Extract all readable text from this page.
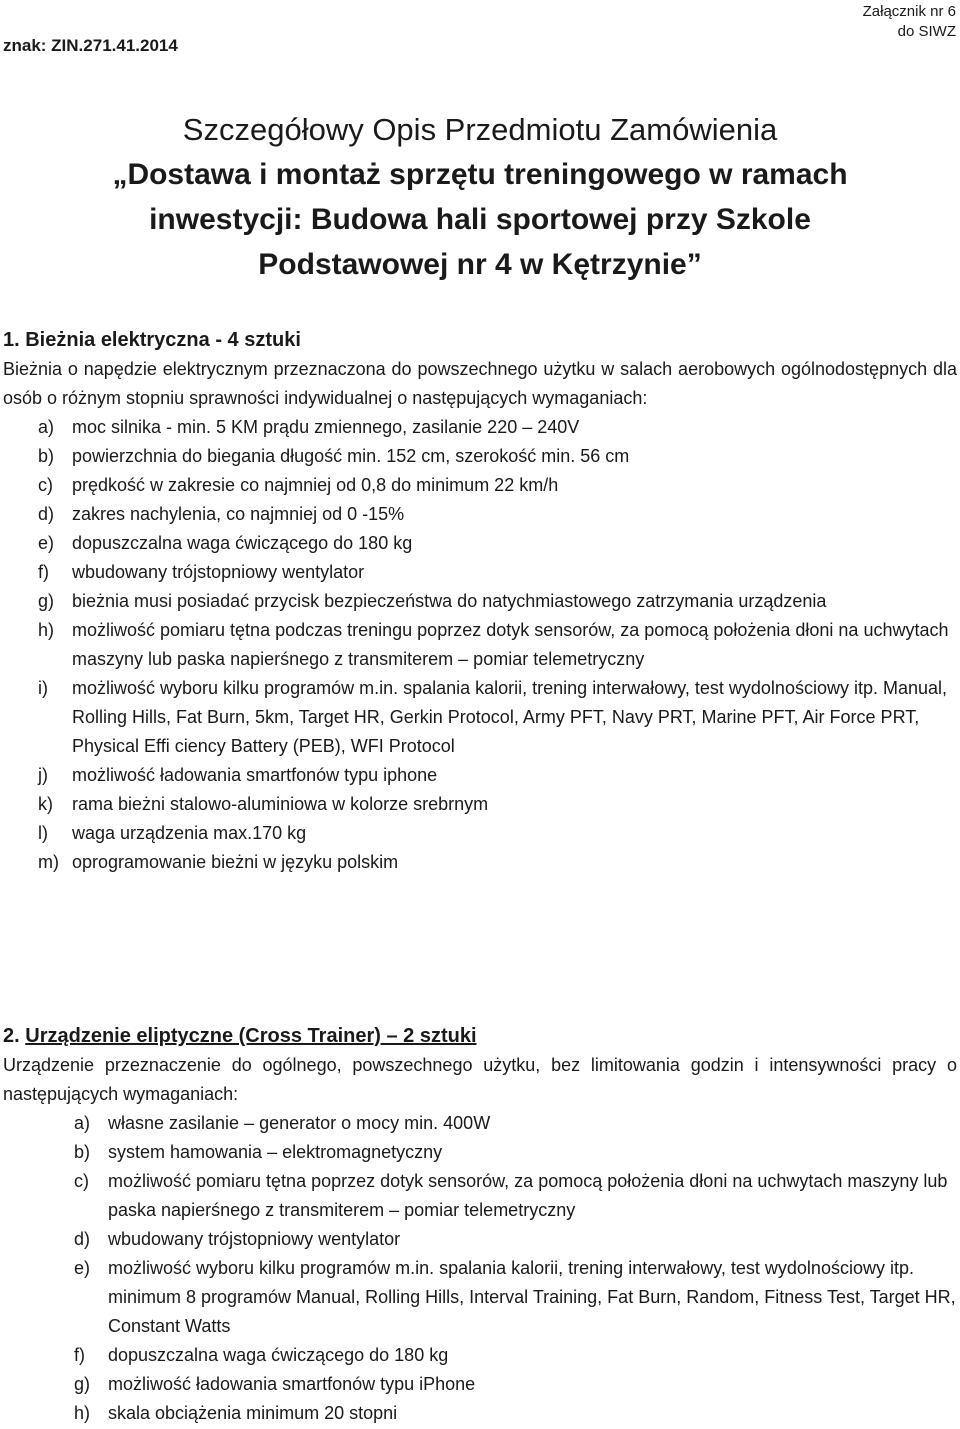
znak: ZIN.271.41.2014
Załącznik nr 6
do SIWZ
Szczegółowy Opis Przedmiotu Zamówienia
„Dostawa i montaż sprzętu treningowego w ramach
inwestycji: Budowa hali sportowej przy Szkole
Podstawowej nr 4 w Kętrzynie”
1. Bieżnia elektryczna - 4 sztuki

Bieżnia o napędzie elektrycznym przeznaczona do powszechnego użytku w salach aerobowych ogólnodostępnych dla osób o różnym stopniu sprawności indywidualnej o następujących wymaganiach:

a) moc silnika - min. 5 KM prądu zmiennego, zasilanie 220 – 240V
b) powierzchnia do biegania długość min. 152 cm, szerokość min. 56 cm
c) prędkość w zakresie co najmniej od 0,8 do minimum 22 km/h
d) zakres nachylenia, co najmniej od 0 -15%
e) dopuszczalna waga ćwiczącego do 180 kg
f) wbudowany trójstopniowy wentylator
g) bieżnia musi posiadać przycisk bezpieczeństwa do natychmiastowego zatrzymania urządzenia
h) możliwość pomiaru tętna podczas treningu poprzez dotyk sensorów, za pomocą położenia dłoni na uchwytach maszyny lub paska napierśnego z transmiterem – pomiar telemetryczny
i) możliwość wyboru kilku programów m.in. spalania kalorii, trening interwałowy, test wydolnościowy itp. Manual, Rolling Hills, Fat Burn, 5km, Target HR, Gerkin Protocol, Army PFT, Navy PRT, Marine PFT, Air Force PRT, Physical Effi ciency Battery (PEB), WFI Protocol
j) możliwość ładowania smartfonów typu iphone
k) rama bieżni stalowo-aluminiowa w kolorze srebrnym
l) waga urządzenia max.170 kg
m) oprogramowanie bieżni w języku polskim
2. Urządzenie eliptyczne (Cross Trainer) – 2 sztuki

Urządzenie przeznaczenie do ogólnego, powszechnego użytku, bez limitowania godzin i intensywności pracy o następujących wymaganiach:

a) własne zasilanie – generator o mocy min. 400W
b) system hamowania – elektromagnetyczny
c) możliwość pomiaru tętna poprzez dotyk sensorów, za pomocą położenia dłoni na uchwytach maszyny lub paska napierśnego z transmiterem – pomiar telemetryczny
d) wbudowany trójstopniowy wentylator
e) możliwość wyboru kilku programów m.in. spalania kalorii, trening interwałowy, test wydolnościowy itp. minimum 8 programów Manual, Rolling Hills, Interval Training, Fat Burn, Random, Fitness Test, Target HR, Constant Watts
f) dopuszczalna waga ćwiczącego do 180 kg
g) możliwość ładowania smartfonów typu iPhone
h) skala obciążenia minimum 20 stopni
